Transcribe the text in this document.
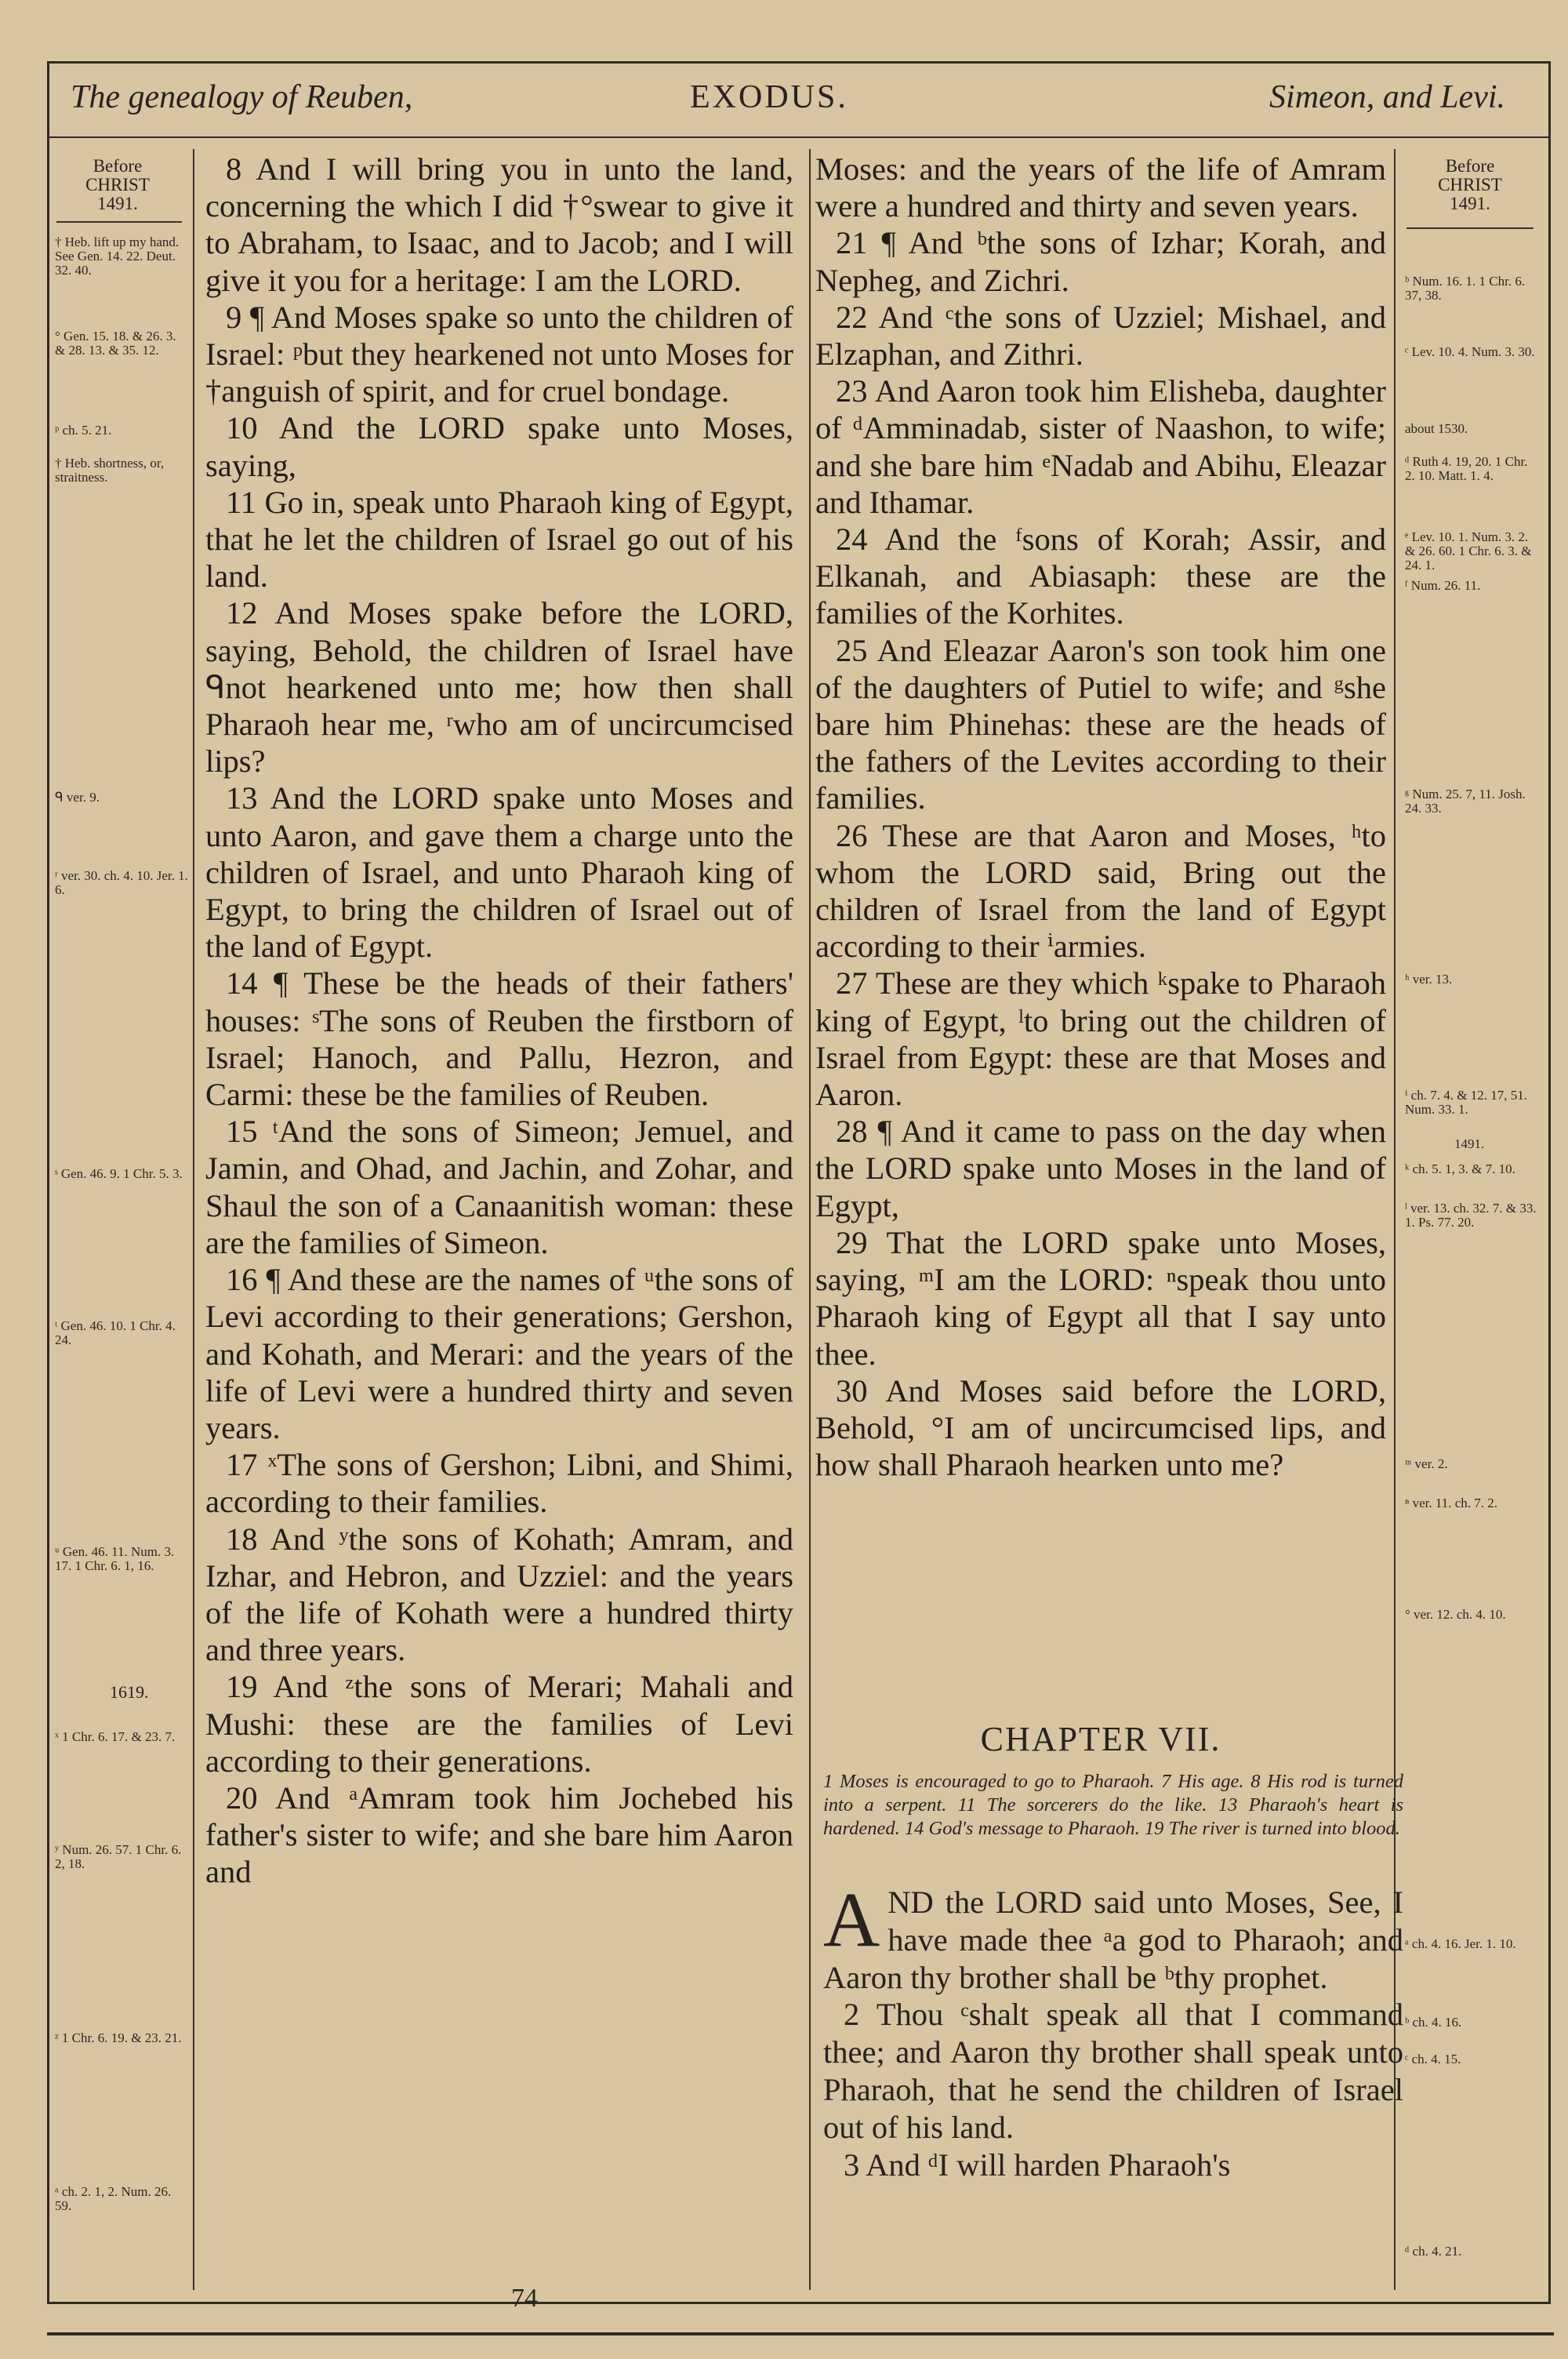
The genealogy of Reuben,	EXODUS.	Simeon, and Levi.
Before
CHRIST
1491.
Before
CHRIST
1491.
† Heb. lift up my hand. See Gen. 14. 22. Deut. 32. 40.
° Gen. 15. 18. & 26. 3. & 28. 13. & 35. 12.
ᵖ ch. 5. 21.
† Heb. shortness, or, straitness.
ᑫ ver. 9.
ʳ ver. 30. ch. 4. 10. Jer. 1. 6.
ˢ Gen. 46. 9. 1 Chr. 5. 3.
ᵗ Gen. 46. 10. 1 Chr. 4. 24.
ᵘ Gen. 46. 11. Num. 3. 17. 1 Chr. 6. 1, 16.
1619.
ˣ 1 Chr. 6. 17. & 23. 7.
ʸ Num. 26. 57. 1 Chr. 6. 2, 18.
ᶻ 1 Chr. 6. 19. & 23. 21.
ᵃ ch. 2. 1, 2. Num. 26. 59.
ᵇ Num. 16. 1. 1 Chr. 6. 37, 38.
ᶜ Lev. 10. 4. Num. 3. 30.
about 1530.
ᵈ Ruth 4. 19, 20. 1 Chr. 2. 10. Matt. 1. 4.
ᵉ Lev. 10. 1. Num. 3. 2. & 26. 60. 1 Chr. 6. 3. & 24. 1.
ᶠ Num. 26. 11.
ᵍ Num. 25. 7, 11. Josh. 24. 33.
ʰ ver. 13.
ⁱ ch. 7. 4. & 12. 17, 51. Num. 33. 1.
1491.
ᵏ ch. 5. 1, 3. & 7. 10.
ˡ ver. 13. ch. 32. 7. & 33. 1. Ps. 77. 20.
ᵐ ver. 2.
ⁿ ver. 11. ch. 7. 2.
° ver. 12. ch. 4. 10.
ᵃ ch. 4. 16. Jer. 1. 10.
ᵇ ch. 4. 16.
ᶜ ch. 4. 15.
ᵈ ch. 4. 21.

8 And I will bring you in unto the land, concerning the which I did †°swear to give it to Abraham, to Isaac, and to Jacob; and I will give it you for a heritage: I am the LORD.

9 ¶ And Moses spake so unto the children of Israel: ᵖbut they hearkened not unto Moses for †anguish of spirit, and for cruel bondage.

10 And the LORD spake unto Moses, saying,

11 Go in, speak unto Pharaoh king of Egypt, that he let the children of Israel go out of his land.

12 And Moses spake before the LORD, saying, Behold, the children of Israel have ᑫnot hearkened unto me; how then shall Pharaoh hear me, ʳwho am of uncircumcised lips?

13 And the LORD spake unto Moses and unto Aaron, and gave them a charge unto the children of Israel, and unto Pharaoh king of Egypt, to bring the children of Israel out of the land of Egypt.

14 ¶ These be the heads of their fathers' houses: ˢThe sons of Reuben the firstborn of Israel; Hanoch, and Pallu, Hezron, and Carmi: these be the families of Reuben.

15 ᵗAnd the sons of Simeon; Jemuel, and Jamin, and Ohad, and Jachin, and Zohar, and Shaul the son of a Canaanitish woman: these are the families of Simeon.

16 ¶ And these are the names of ᵘthe sons of Levi according to their generations; Gershon, and Kohath, and Merari: and the years of the life of Levi were a hundred thirty and seven years.

17 ˣThe sons of Gershon; Libni, and Shimi, according to their families.

18 And ʸthe sons of Kohath; Amram, and Izhar, and Hebron, and Uzziel: and the years of the life of Kohath were a hundred thirty and three years.

19 And ᶻthe sons of Merari; Mahali and Mushi: these are the families of Levi according to their generations.

20 And ᵃAmram took him Jochebed his father's sister to wife; and she bare him Aaron and

Moses: and the years of the life of Amram were a hundred and thirty and seven years.

21 ¶ And ᵇthe sons of Izhar; Korah, and Nepheg, and Zichri.

22 And ᶜthe sons of Uzziel; Mishael, and Elzaphan, and Zithri.

23 And Aaron took him Elisheba, daughter of ᵈAmminadab, sister of Naashon, to wife; and she bare him ᵉNadab and Abihu, Eleazar and Ithamar.

24 And the ᶠsons of Korah; Assir, and Elkanah, and Abiasaph: these are the families of the Korhites.

25 And Eleazar Aaron's son took him one of the daughters of Putiel to wife; and ᵍshe bare him Phinehas: these are the heads of the fathers of the Levites according to their families.

26 These are that Aaron and Moses, ʰto whom the LORD said, Bring out the children of Israel from the land of Egypt according to their ⁱarmies.

27 These are they which ᵏspake to Pharaoh king of Egypt, ˡto bring out the children of Israel from Egypt: these are that Moses and Aaron.

28 ¶ And it came to pass on the day when the LORD spake unto Moses in the land of Egypt,

29 That the LORD spake unto Moses, saying, ᵐI am the LORD: ⁿspeak thou unto Pharaoh king of Egypt all that I say unto thee.

30 And Moses said before the LORD, Behold, °I am of uncircumcised lips, and how shall Pharaoh hearken unto me?

CHAPTER VII.
1 Moses is encouraged to go to Pharaoh. 7 His age. 8 His rod is turned into a serpent. 11 The sorcerers do the like. 13 Pharaoh's heart is hardened. 14 God's message to Pharaoh. 19 The river is turned into blood.

AND the LORD said unto Moses, See, I have made thee ᵃa god to Pharaoh; and Aaron thy brother shall be ᵇthy prophet.

2 Thou ᶜshalt speak all that I command thee; and Aaron thy brother shall speak unto Pharaoh, that he send the children of Israel out of his land.

3 And ᵈI will harden Pharaoh's

74
